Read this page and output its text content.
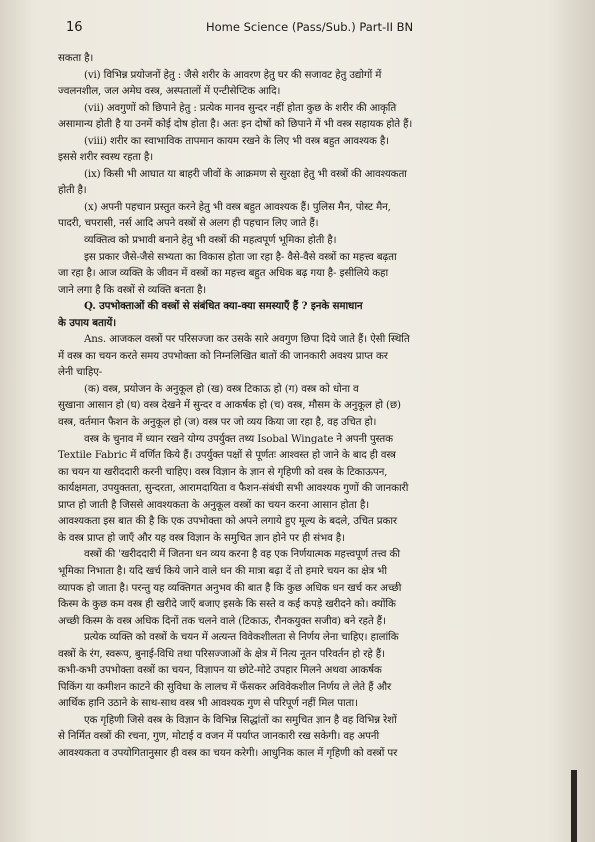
16	Home Science (Pass/Sub.) Part-II BN

सकता है।

(vi) विभिन्न प्रयोजनों हेतु : जैसे शरीर के आवरण हेतु घर की सजावट हेतु उद्योगों में

ज्वलनशील, जल अमेघ वस्त्र, अस्पतालों में एन्टीसेप्टिक आदि।

(vii) अवगुणों को छिपाने हेतु : प्रत्येक मानव सुन्दर नहीं होता कुछ के शरीर की आकृति

असामान्य होती है या उनमें कोई दोष होता है। अतः इन दोषों को छिपाने में भी वस्त्र सहायक होते हैं।

(viii) शरीर का स्वाभाविक तापमान कायम रखने के लिए भी वस्त्र बहुत आवश्यक है।

इससे शरीर स्वस्थ रहता है।

(ix) किसी भी आघात या बाहरी जीवों के आक्रमण से सुरक्षा हेतु भी वस्त्रों की आवश्यकता

होती है।

(x) अपनी पहचान प्रस्तुत करने हेतु भी वस्त्र बहुत आवश्यक हैं। पुलिस मैन, पोस्ट मैन,

पादरी, चपरासी, नर्स आदि अपने वस्त्रों से अलग ही पहचान लिए जाते हैं।

व्यक्तित्व को प्रभावी बनाने हेतु भी वस्त्रों की महत्वपूर्ण भूमिका होती है।

इस प्रकार जैसे-जैसे सभ्यता का विकास होता जा रहा है- वैसे-वैसे वस्त्रों का महत्त्व बढ़ता

जा रहा है। आज व्यक्ति के जीवन में वस्त्रों का महत्त्व बहुत अधिक बढ़ गया है- इसीलिये कहा

जाने लगा है कि वस्त्रों से व्यक्ति बनता है।

Q. उपभोक्ताओं की वस्त्रों से संबंधित क्या-क्या समस्याएँ हैं ? इनके समाधान

के उपाय बतायें।

Ans. आजकल वस्त्रों पर परिसज्जा कर उसके सारे अवगुण छिपा दिये जाते हैं। ऐसी स्थिति

में वस्त्र का चयन करते समय उपभोक्ता को निम्नलिखित बातों की जानकारी अवश्य प्राप्त कर

लेनी चाहिए-

(क) वस्त्र, प्रयोजन के अनुकूल हो (ख) वस्त्र टिकाऊ हो (ग) वस्त्र को धोना व

सुखाना आसान हो (घ) वस्त्र देखने में सुन्दर व आकर्षक हो (च) वस्त्र, मौसम के अनुकूल हो (छ)

वस्त्र, वर्तमान फैशन के अनुकूल हो (ज) वस्त्र पर जो व्यय किया जा रहा है, वह उचित हो।

वस्त्र के चुनाव में ध्यान रखने योग्य उपर्युक्त तथ्य Isobal Wingate ने अपनी पुस्तक

Textile Fabric में वर्णित किये हैं। उपर्युक्त पक्षों से पूर्णतः आश्वस्त हो जाने के बाद ही वस्त्र

का चयन या खरीददारी करनी चाहिए। वस्त्र विज्ञान के ज्ञान से गृहिणी को वस्त्र के टिकाऊपन,

कार्यक्षमता, उपयुक्तता, सुन्दरता, आरामदायिता व फैशन-संबंधी सभी आवश्यक गुणों की जानकारी

प्राप्त हो जाती है जिससे आवश्यकता के अनुकूल वस्त्रों का चयन करना आसान होता है।

आवश्यकता इस बात की है कि एक उपभोक्ता को अपने लगाये हुए मूल्य के बदले, उचित प्रकार

के वस्त्र प्राप्त हो जाएँ और यह वस्त्र विज्ञान के समुचित ज्ञान होने पर ही संभव है।

वस्त्रों की 'खरीददारी में जितना धन व्यय करना है वह एक निर्णयात्मक महत्त्वपूर्ण तत्त्व की

भूमिका निभाता है। यदि खर्च किये जाने वाले धन की मात्रा बढ़ा दें तो हमारे चयन का क्षेत्र भी

व्यापक हो जाता है। परन्तु यह व्यक्तिगत अनुभव की बात है कि कुछ अधिक धन खर्च कर अच्छी

किस्म के कुछ कम वस्त्र ही खरीदे जाएँ बजाए इसके कि सस्ते व कई कपड़े खरीदने को। क्योंकि

अच्छी किस्म के वस्त्र अधिक दिनों तक चलने वाले (टिकाऊ, रौनकयुक्त सजीव) बने रहते हैं।

प्रत्येक व्यक्ति को वस्त्रों के चयन में अत्यन्त विवेकशीलता से निर्णय लेना चाहिए। हालांकि

वस्त्रों के रंग, स्वरूप, बुनाई-विधि तथा परिसज्जाओं के क्षेत्र में नित्य नूतन परिवर्तन हो रहे हैं।

कभी-कभी उपभोक्ता वस्त्रों का चयन, विज्ञापन या छोटे-मोटे उपहार मिलने अथवा आकर्षक

पिकिंग या कमीशन काटने की सुविधा के लालच में फँसकर अविवेकशील निर्णय ले लेते हैं और

आर्थिक हानि उठाने के साथ-साथ वस्त्र भी आवश्यक गुण से परिपूर्ण नहीं मिल पाता।

एक गृहिणी जिसे वस्त्र के विज्ञान के विभिन्न सिद्धांतों का समुचित ज्ञान है वह विभिन्न रेशों

से निर्मित वस्त्रों की रचना, गुण, मोटाई व वजन में पर्याप्त जानकारी रख सकेगी। वह अपनी

आवश्यकता व उपयोगितानुसार ही वस्त्र का चयन करेगी। आधुनिक काल में गृहिणी को वस्त्रों पर
